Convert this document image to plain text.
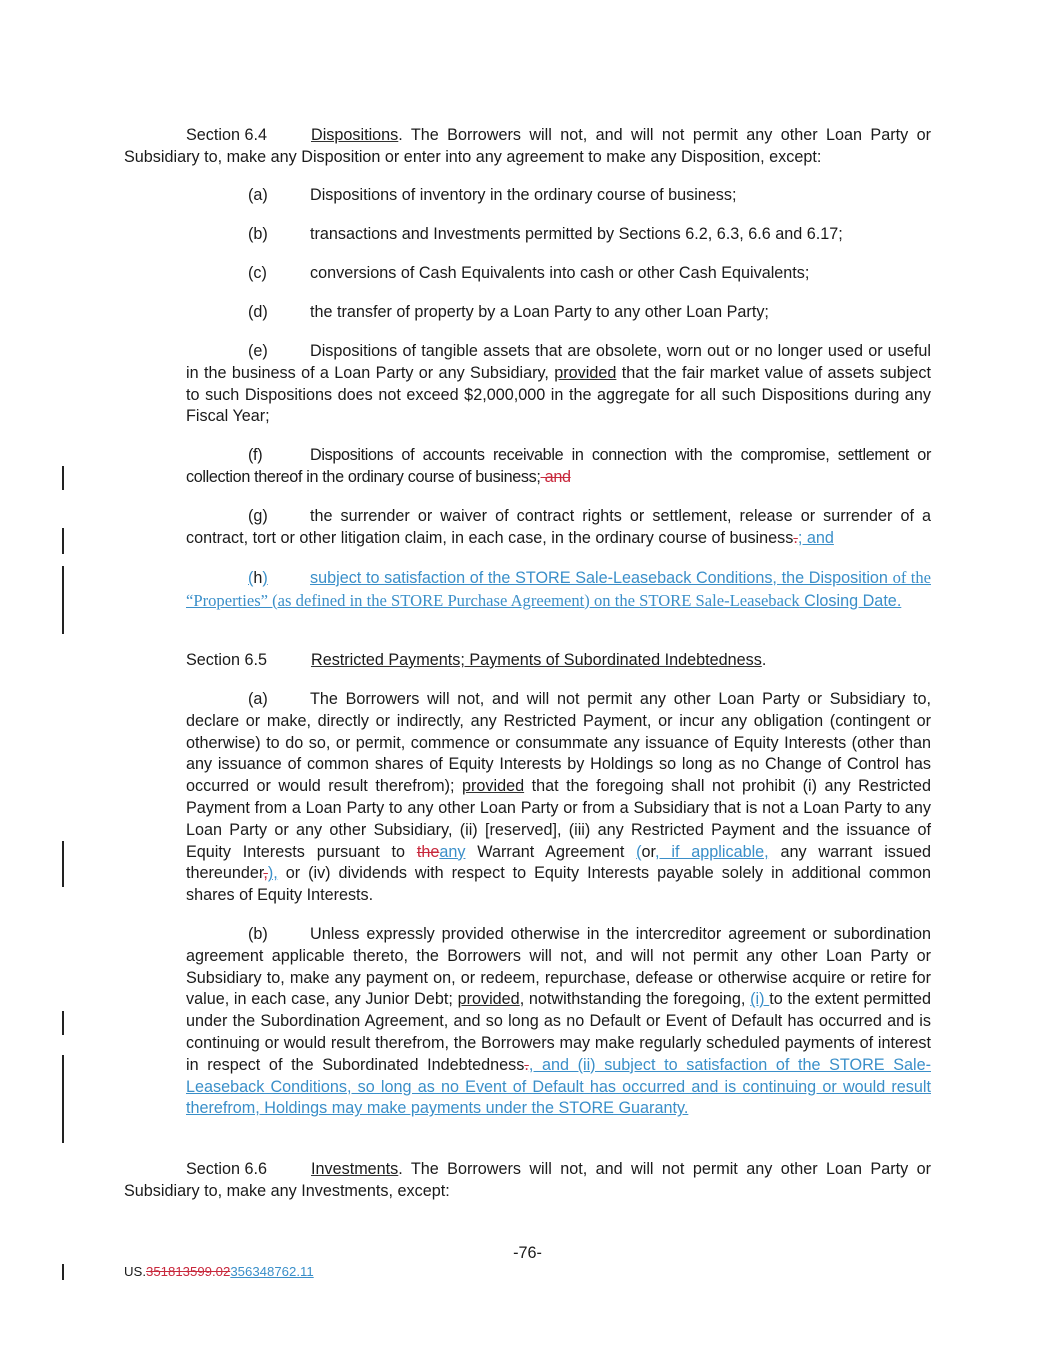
Section 6.4	Dispositions. The Borrowers will not, and will not permit any other Loan Party or Subsidiary to, make any Disposition or enter into any agreement to make any Disposition, except:

(a)	Dispositions of inventory in the ordinary course of business;
(b)	transactions and Investments permitted by Sections 6.2, 6.3, 6.6 and 6.17;
(c)	conversions of Cash Equivalents into cash or other Cash Equivalents;
(d)	the transfer of property by a Loan Party to any other Loan Party;

(e)	Dispositions of tangible assets that are obsolete, worn out or no longer used or useful in the business of a Loan Party or any Subsidiary, provided that the fair market value of assets subject to such Dispositions does not exceed $2,000,000 in the aggregate for all such Dispositions during any Fiscal Year;

(f)	Dispositions of accounts receivable in connection with the compromise, settlement or collection thereof in the ordinary course of business; and

(g)	the surrender or waiver of contract rights or settlement, release or surrender of a contract, tort or other litigation claim, in each case, in the ordinary course of business.; and

(h)	subject to satisfaction of the STORE Sale-Leaseback Conditions, the Disposition of the “Properties” (as defined in the STORE Purchase Agreement) on the STORE Sale-Leaseback Closing Date.

Section 6.5	Restricted Payments; Payments of Subordinated Indebtedness.

(a)	The Borrowers will not, and will not permit any other Loan Party or Subsidiary to, declare or make, directly or indirectly, any Restricted Payment, or incur any obligation (contingent or otherwise) to do so, or permit, commence or consummate any issuance of Equity Interests (other than any issuance of common shares of Equity Interests by Holdings so long as no Change of Control has occurred or would result therefrom); provided that the foregoing shall not prohibit (i) any Restricted Payment from a Loan Party to any other Loan Party or from a Subsidiary that is not a Loan Party to any Loan Party or any other Subsidiary, (ii) [reserved], (iii) any Restricted Payment and the issuance of Equity Interests pursuant to theany Warrant Agreement (or, if applicable, any warrant issued thereunder,), or (iv) dividends with respect to Equity Interests payable solely in additional common shares of Equity Interests.

(b)	Unless expressly provided otherwise in the intercreditor agreement or subordination agreement applicable thereto, the Borrowers will not, and will not permit any other Loan Party or Subsidiary to, make any payment on, or redeem, repurchase, defease or otherwise acquire or retire for value, in each case, any Junior Debt; provided, notwithstanding the foregoing, (i) to the extent permitted under the Subordination Agreement, and so long as no Default or Event of Default has occurred and is continuing or would result therefrom, the Borrowers may make regularly scheduled payments of interest in respect of the Subordinated Indebtedness., and (ii) subject to satisfaction of the STORE Sale-Leaseback Conditions, so long as no Event of Default has occurred and is continuing or would result therefrom, Holdings may make payments under the STORE Guaranty.

Section 6.6	Investments. The Borrowers will not, and will not permit any other Loan Party or Subsidiary to, make any Investments, except:

-76-
US.351813599.02356348762.11
